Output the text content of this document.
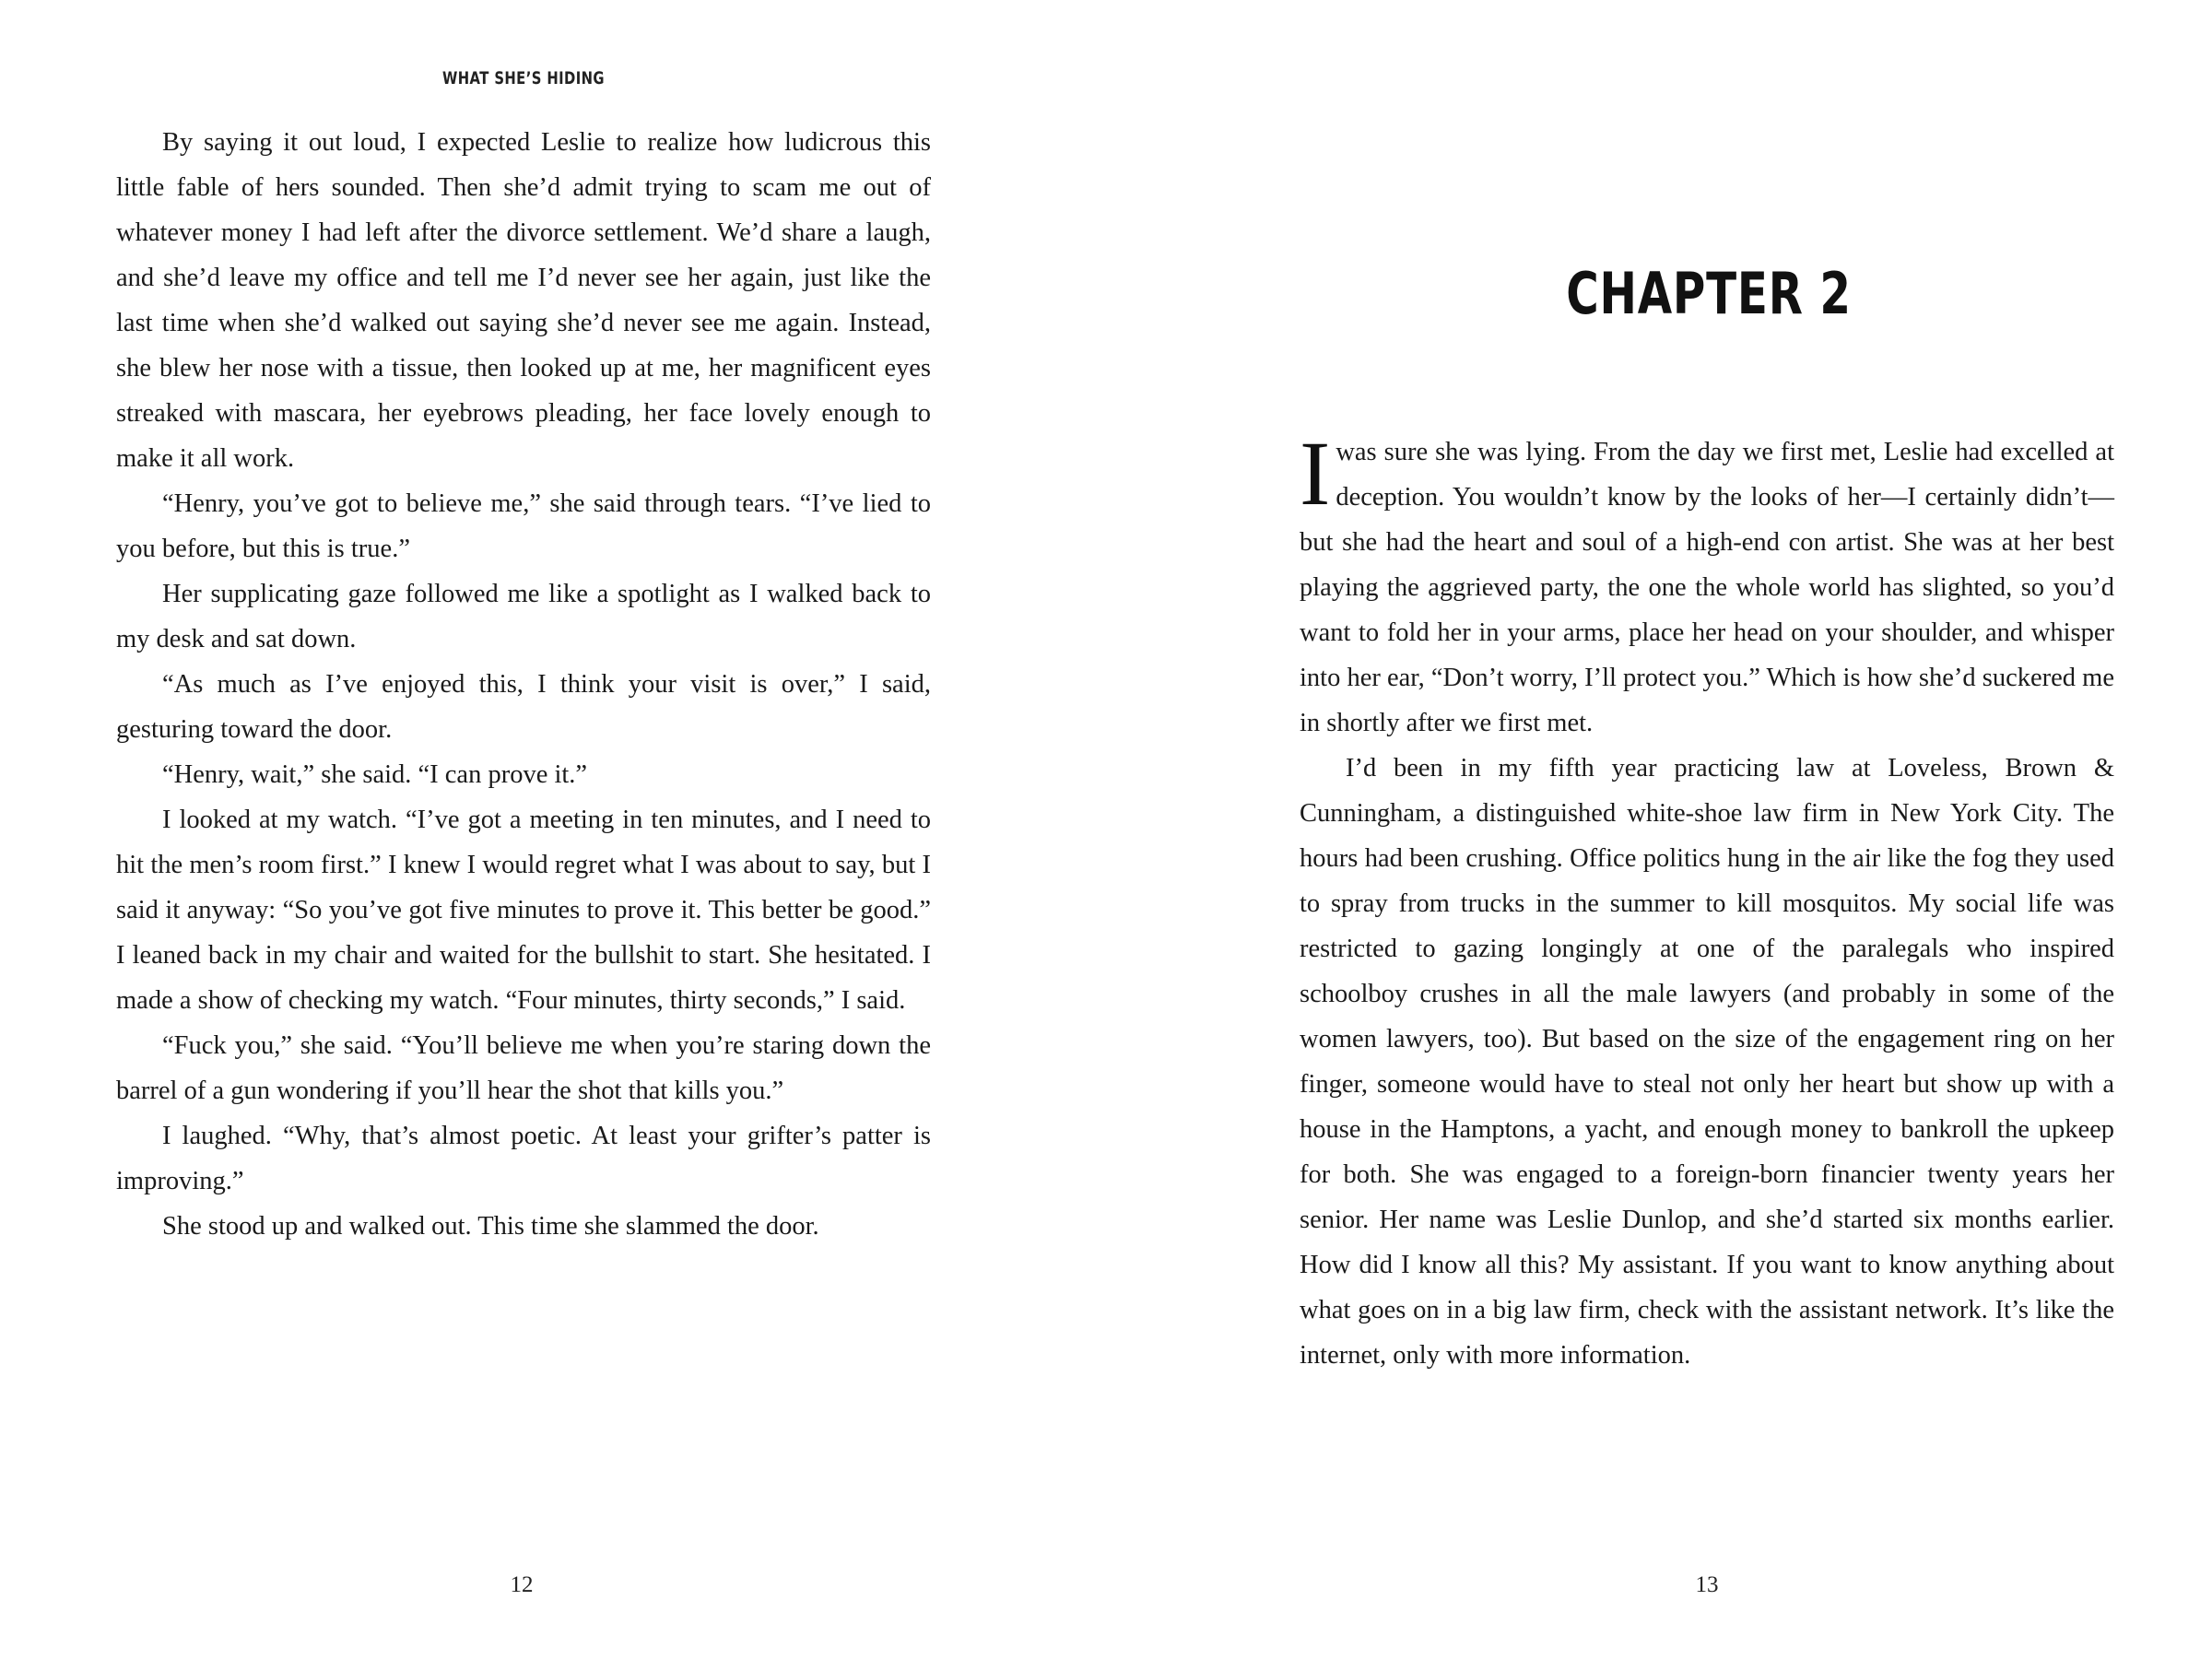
WHAT SHE’S HIDING

By saying it out loud, I expected Leslie to realize how ludicrous this little fable of hers sounded. Then she’d admit trying to scam me out of whatever money I had left after the divorce settlement. We’d share a laugh, and she’d leave my office and tell me I’d never see her again, just like the last time when she’d walked out saying she’d never see me again. Instead, she blew her nose with a tissue, then looked up at me, her magnificent eyes streaked with mascara, her eyebrows pleading, her face lovely enough to make it all work.

“Henry, you’ve got to believe me,” she said through tears. “I’ve lied to you before, but this is true.”

Her supplicating gaze followed me like a spotlight as I walked back to my desk and sat down.

“As much as I’ve enjoyed this, I think your visit is over,” I said, gesturing toward the door.

“Henry, wait,” she said. “I can prove it.”

I looked at my watch. “I’ve got a meeting in ten minutes, and I need to hit the men’s room first.” I knew I would regret what I was about to say, but I said it anyway: “So you’ve got five minutes to prove it. This better be good.” I leaned back in my chair and waited for the bullshit to start. She hesitated. I made a show of checking my watch. “Four minutes, thirty seconds,” I said.

“Fuck you,” she said. “You’ll believe me when you’re staring down the barrel of a gun wondering if you’ll hear the shot that kills you.”

I laughed. “Why, that’s almost poetic. At least your grifter’s patter is improving.”

She stood up and walked out. This time she slammed the door.

12
CHAPTER 2

Iwas sure she was lying. From the day we first met, Leslie had excelled at deception. You wouldn’t know by the looks of her—I certainly didn’t—but she had the heart and soul of a high-end con artist. She was at her best playing the aggrieved party, the one the whole world has slighted, so you’d want to fold her in your arms, place her head on your shoulder, and whisper into her ear, “Don’t worry, I’ll protect you.” Which is how she’d suckered me in shortly after we first met.

I’d been in my fifth year practicing law at Loveless, Brown & Cunningham, a distinguished white-shoe law firm in New York City. The hours had been crushing. Office politics hung in the air like the fog they used to spray from trucks in the summer to kill mosquitos. My social life was restricted to gazing longingly at one of the paralegals who inspired schoolboy crushes in all the male lawyers (and probably in some of the women lawyers, too). But based on the size of the engagement ring on her finger, someone would have to steal not only her heart but show up with a house in the Hamptons, a yacht, and enough money to bankroll the upkeep for both. She was engaged to a foreign-born financier twenty years her senior. Her name was Leslie Dunlop, and she’d started six months earlier. How did I know all this? My assistant. If you want to know anything about what goes on in a big law firm, check with the assistant network. It’s like the internet, only with more information.

13
